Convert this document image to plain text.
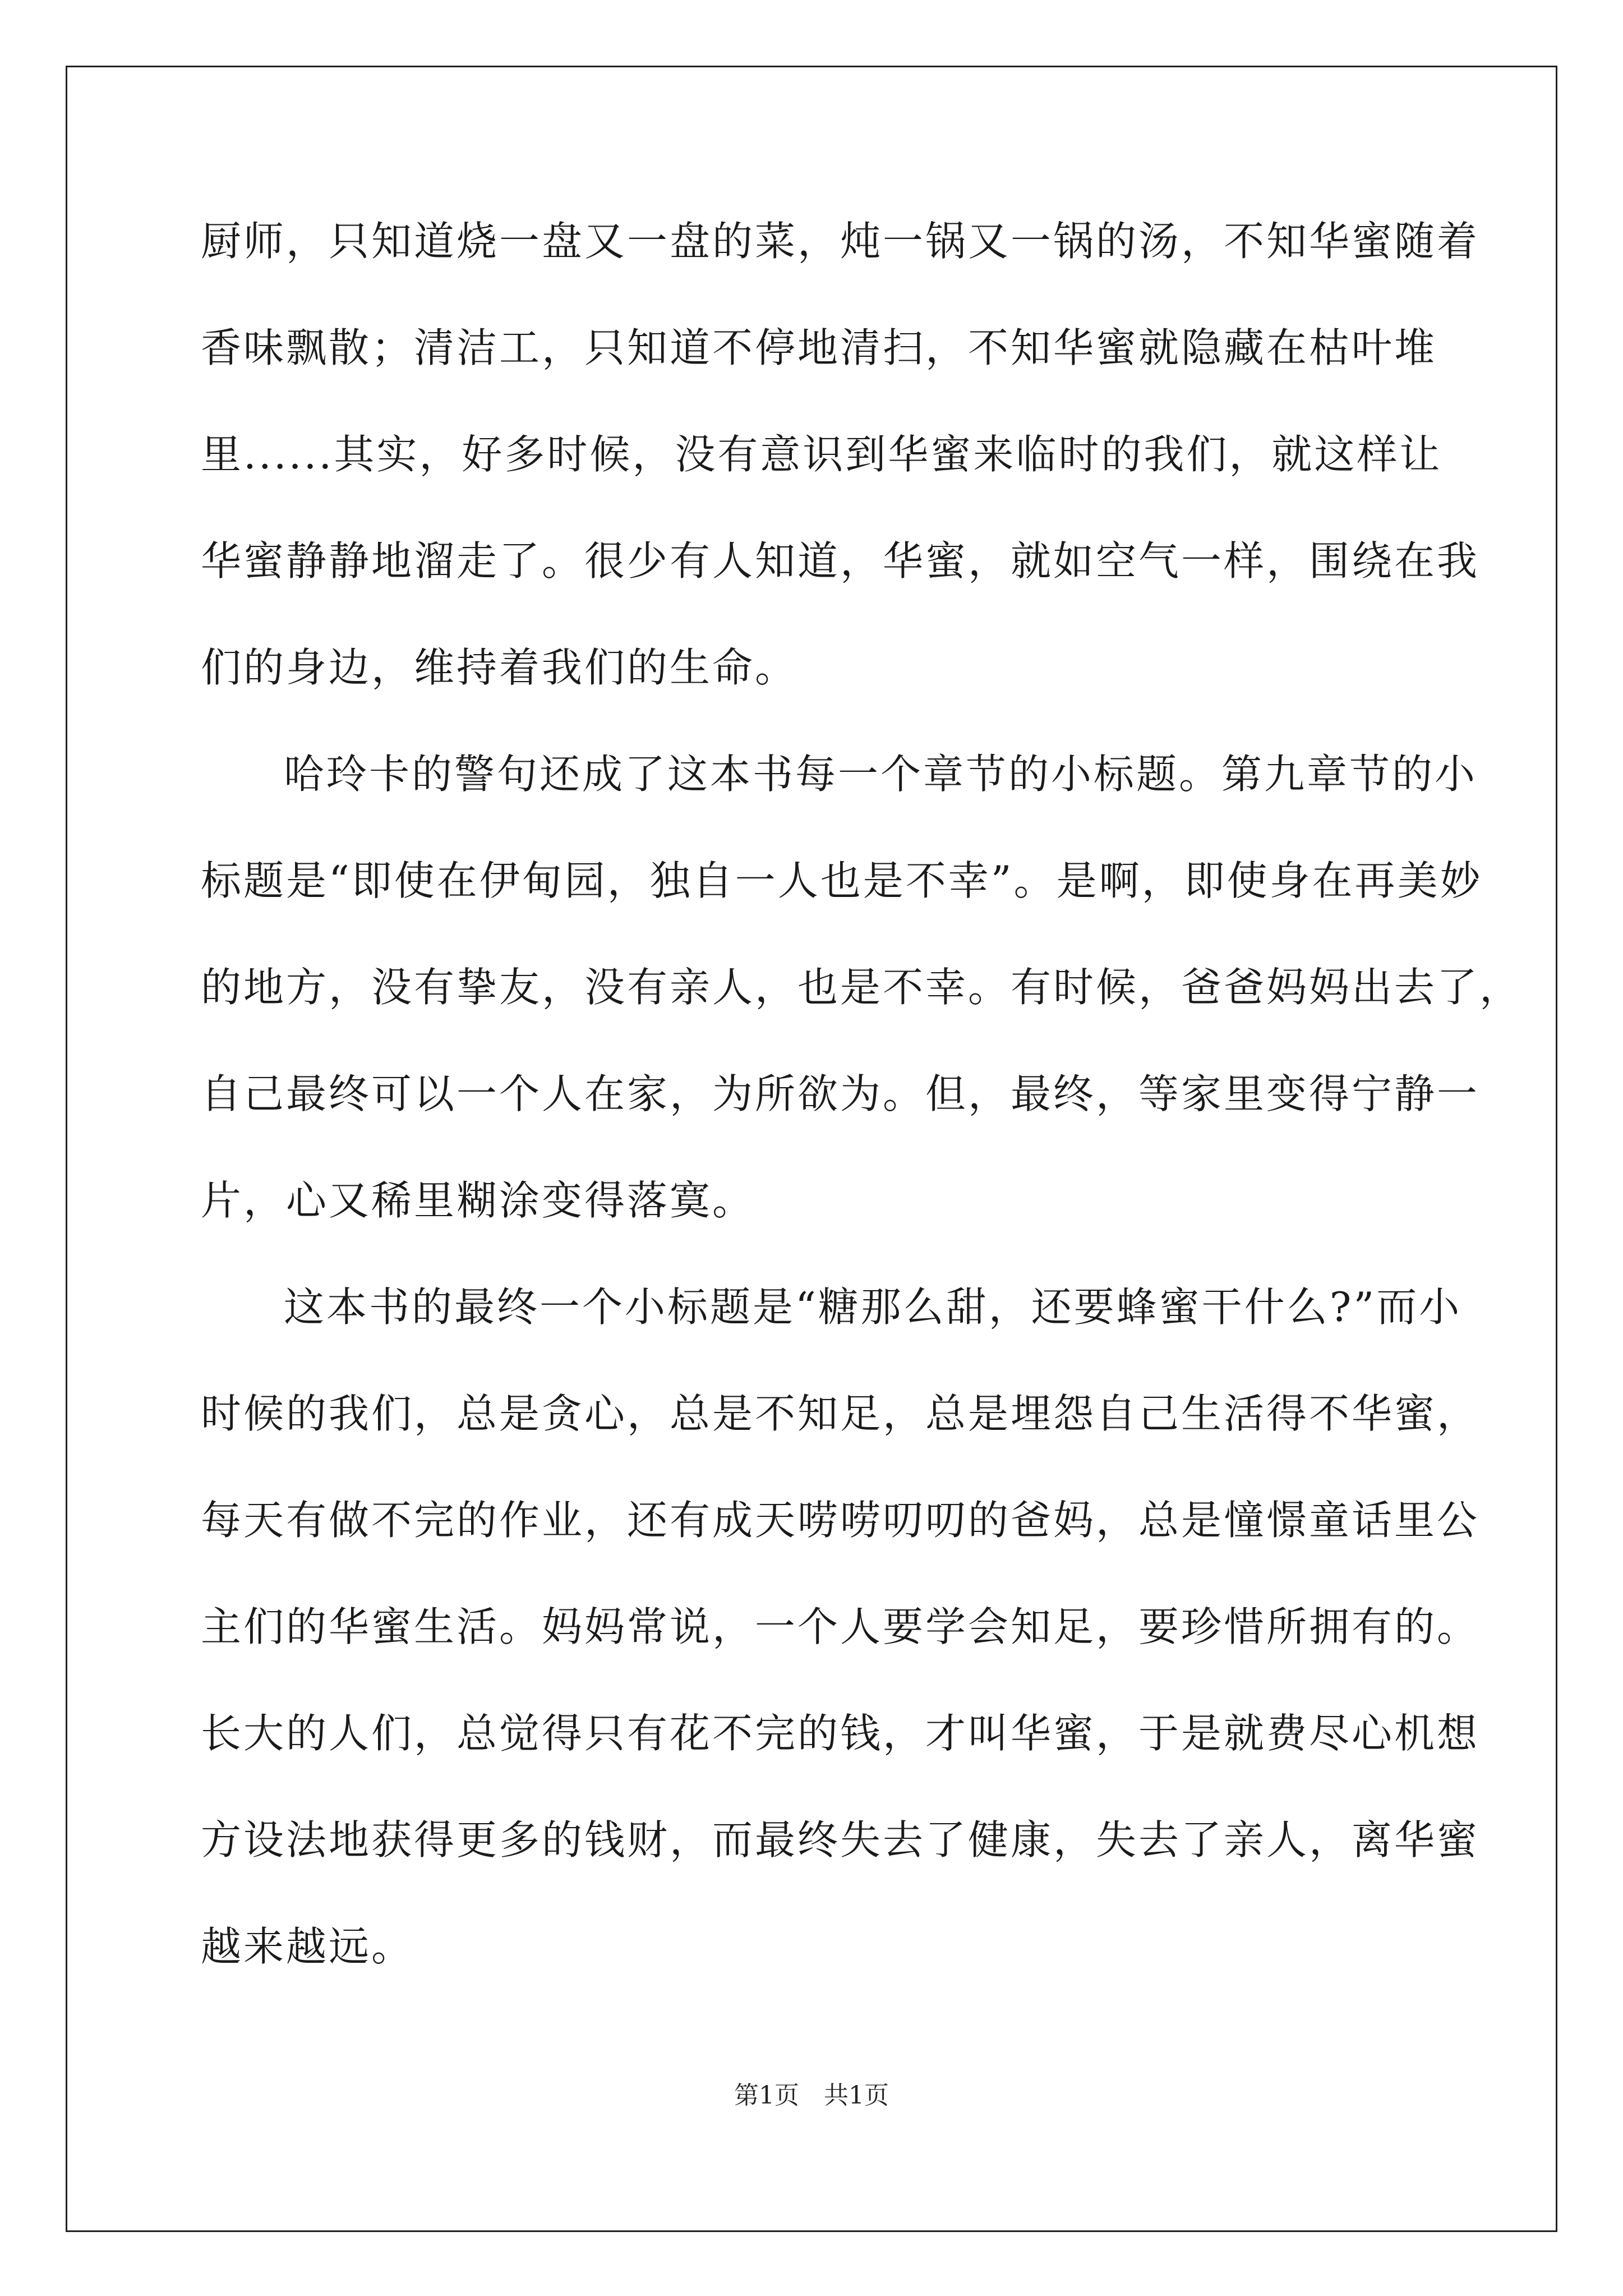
厨师，只知道烧一盘又一盘的菜，炖一锅又一锅的汤，不知华蜜随着
香味飘散；清洁工，只知道不停地清扫，不知华蜜就隐藏在枯叶堆
里......其实，好多时候，没有意识到华蜜来临时的我们，就这样让
华蜜静静地溜走了。很少有人知道，华蜜，就如空气一样，围绕在我
们的身边，维持着我们的生命。
哈玲卡的警句还成了这本书每一个章节的小标题。第九章节的小
标题是“即使在伊甸园，独自一人也是不幸”。是啊，即使身在再美妙
的地方，没有挚友，没有亲人，也是不幸。有时候，爸爸妈妈出去了，
自己最终可以一个人在家，为所欲为。但，最终，等家里变得宁静一
片，心又稀里糊涂变得落寞。
这本书的最终一个小标题是“糖那么甜，还要蜂蜜干什么?”而小
时候的我们，总是贪心，总是不知足，总是埋怨自己生活得不华蜜，
每天有做不完的作业，还有成天唠唠叨叨的爸妈，总是憧憬童话里公
主们的华蜜生活。妈妈常说，一个人要学会知足，要珍惜所拥有的。
长大的人们，总觉得只有花不完的钱，才叫华蜜，于是就费尽心机想
方设法地获得更多的钱财，而最终失去了健康，失去了亲人，离华蜜
越来越远。
第1页　共1页
